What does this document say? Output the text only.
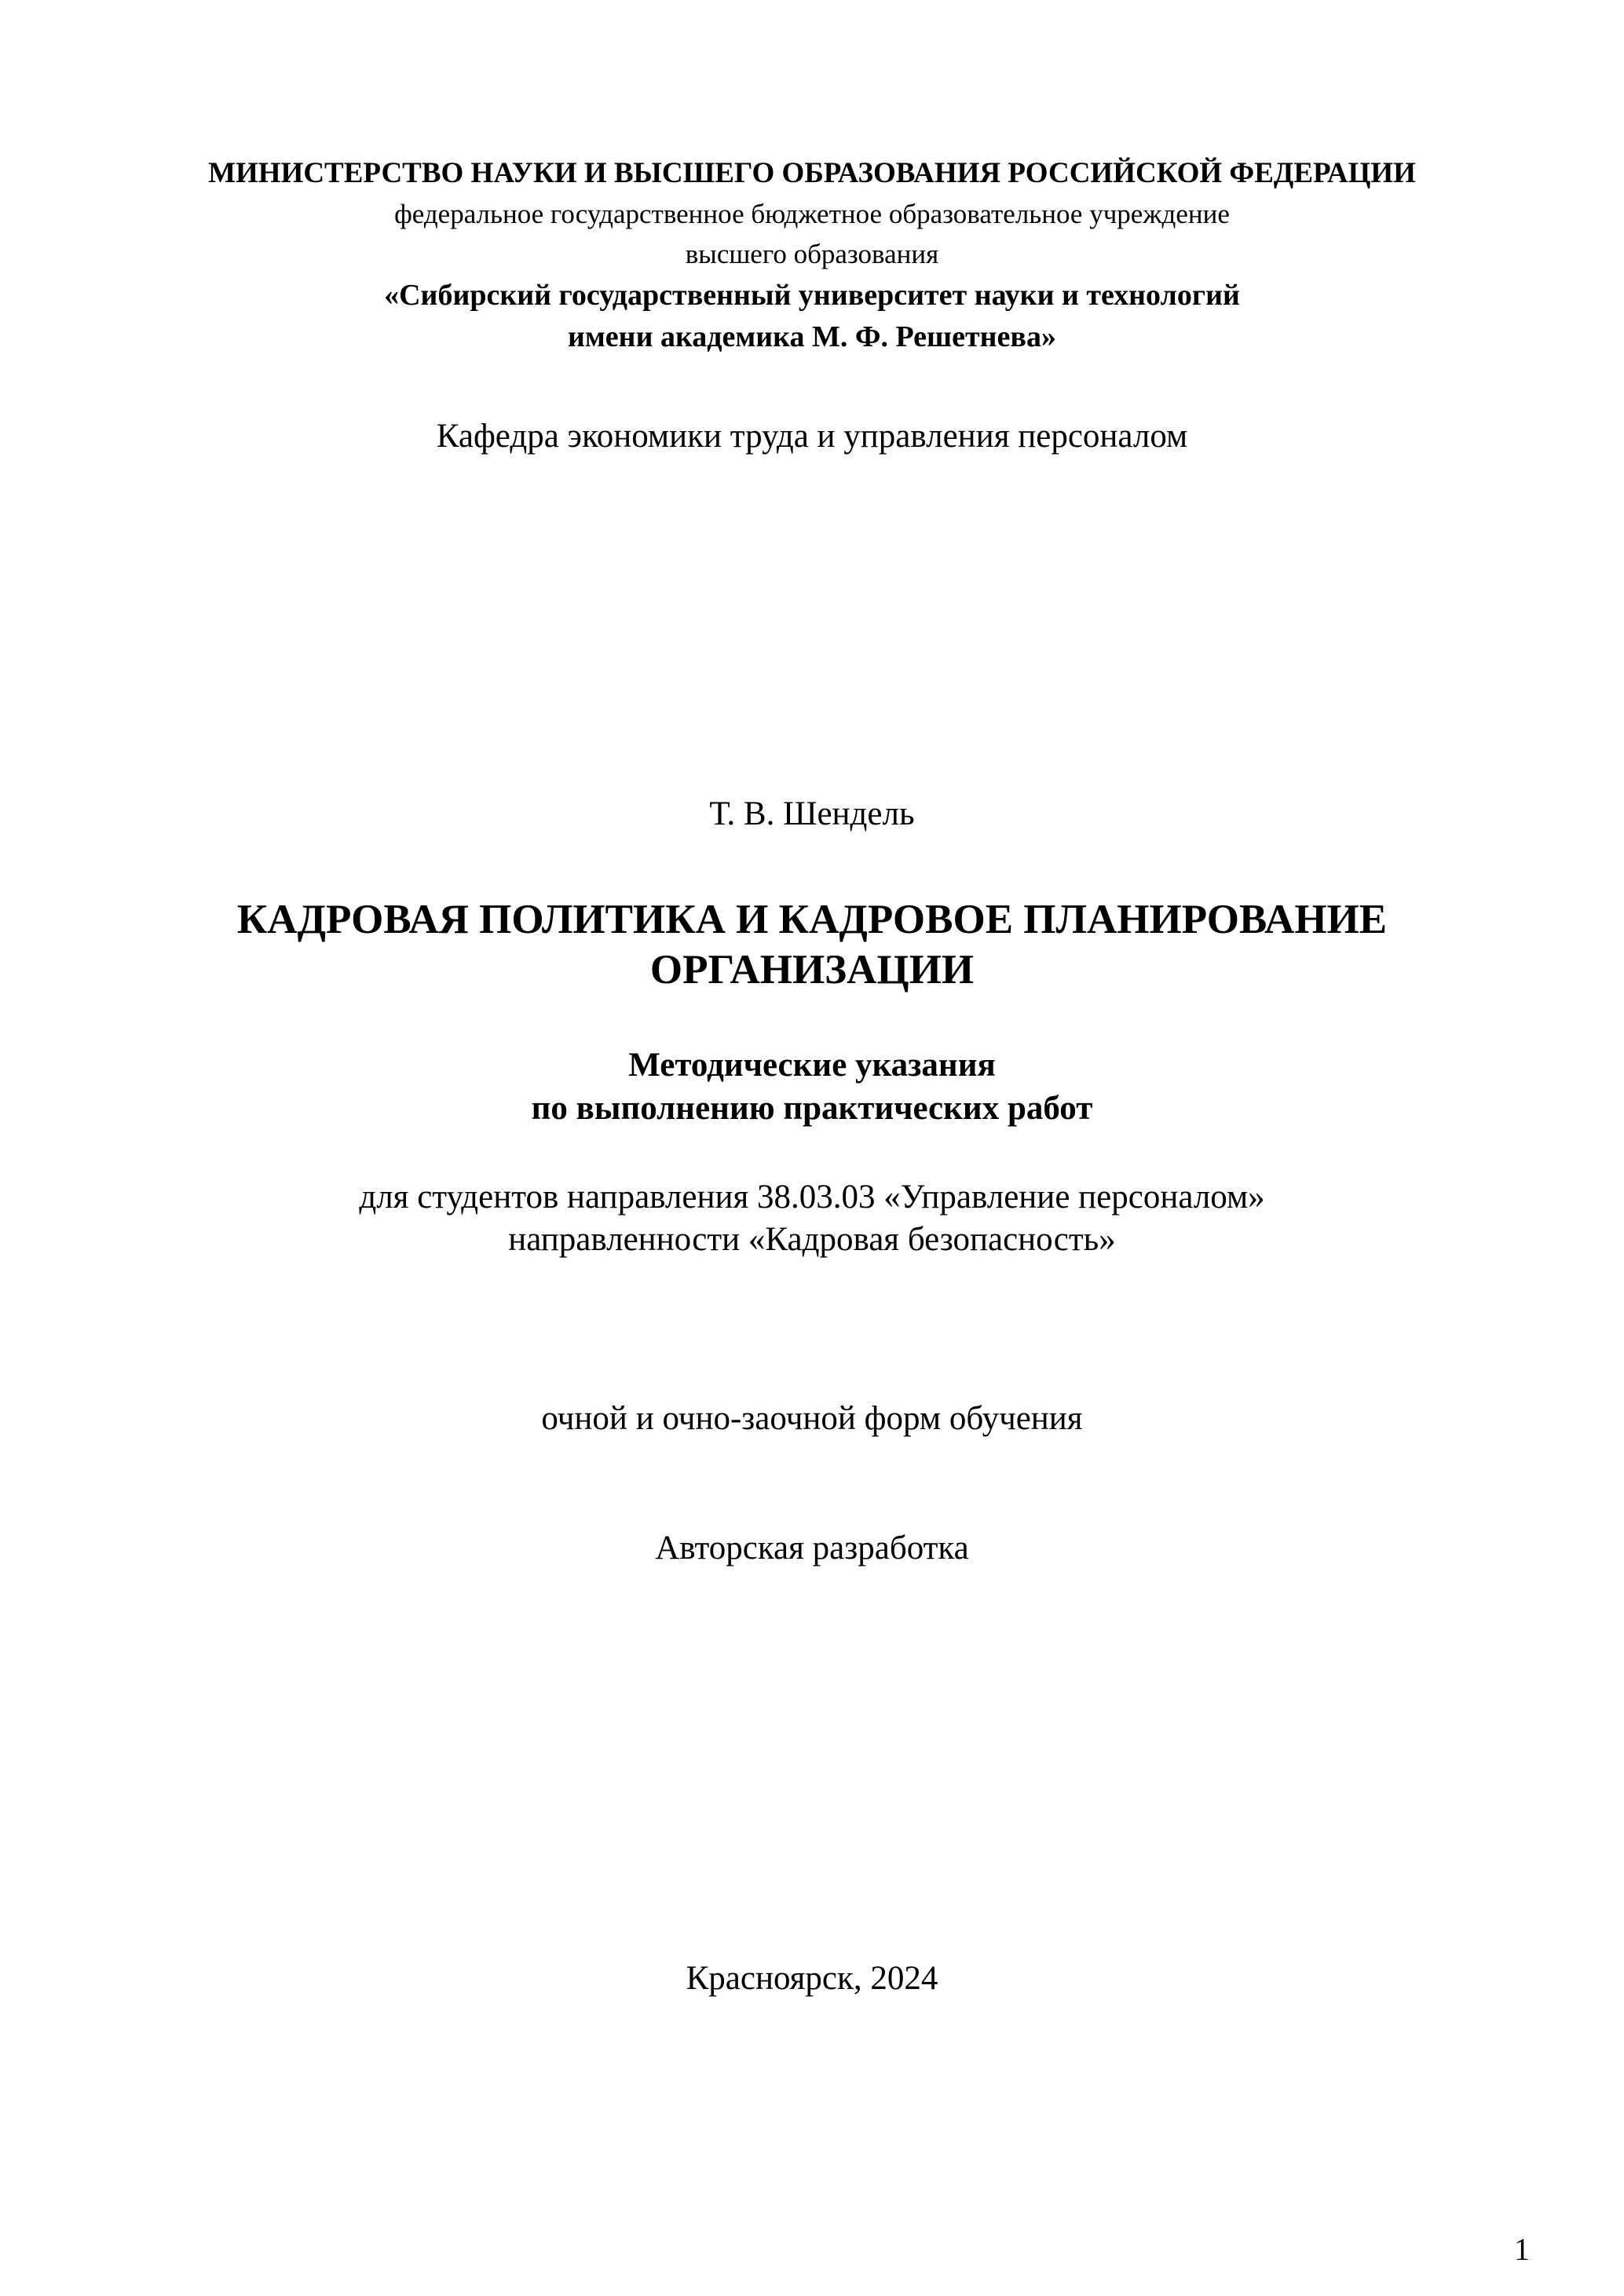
МИНИСТЕРСТВО НАУКИ И ВЫСШЕГО ОБРАЗОВАНИЯ РОССИЙСКОЙ ФЕДЕРАЦИИ
федеральное государственное бюджетное образовательное учреждение
высшего образования
«Сибирский государственный университет науки и технологий
имени академика М. Ф. Решетнева»
Кафедра экономики труда и управления персоналом
Т. В. Шендель
КАДРОВАЯ ПОЛИТИКА И КАДРОВОЕ ПЛАНИРОВАНИЕ
ОРГАНИЗАЦИИ
Методические указания
по выполнению практических работ
для студентов направления 38.03.03 «Управление персоналом»
направленности «Кадровая безопасность»
очной и очно-заочной форм обучения
Авторская разработка
Красноярск, 2024
1
